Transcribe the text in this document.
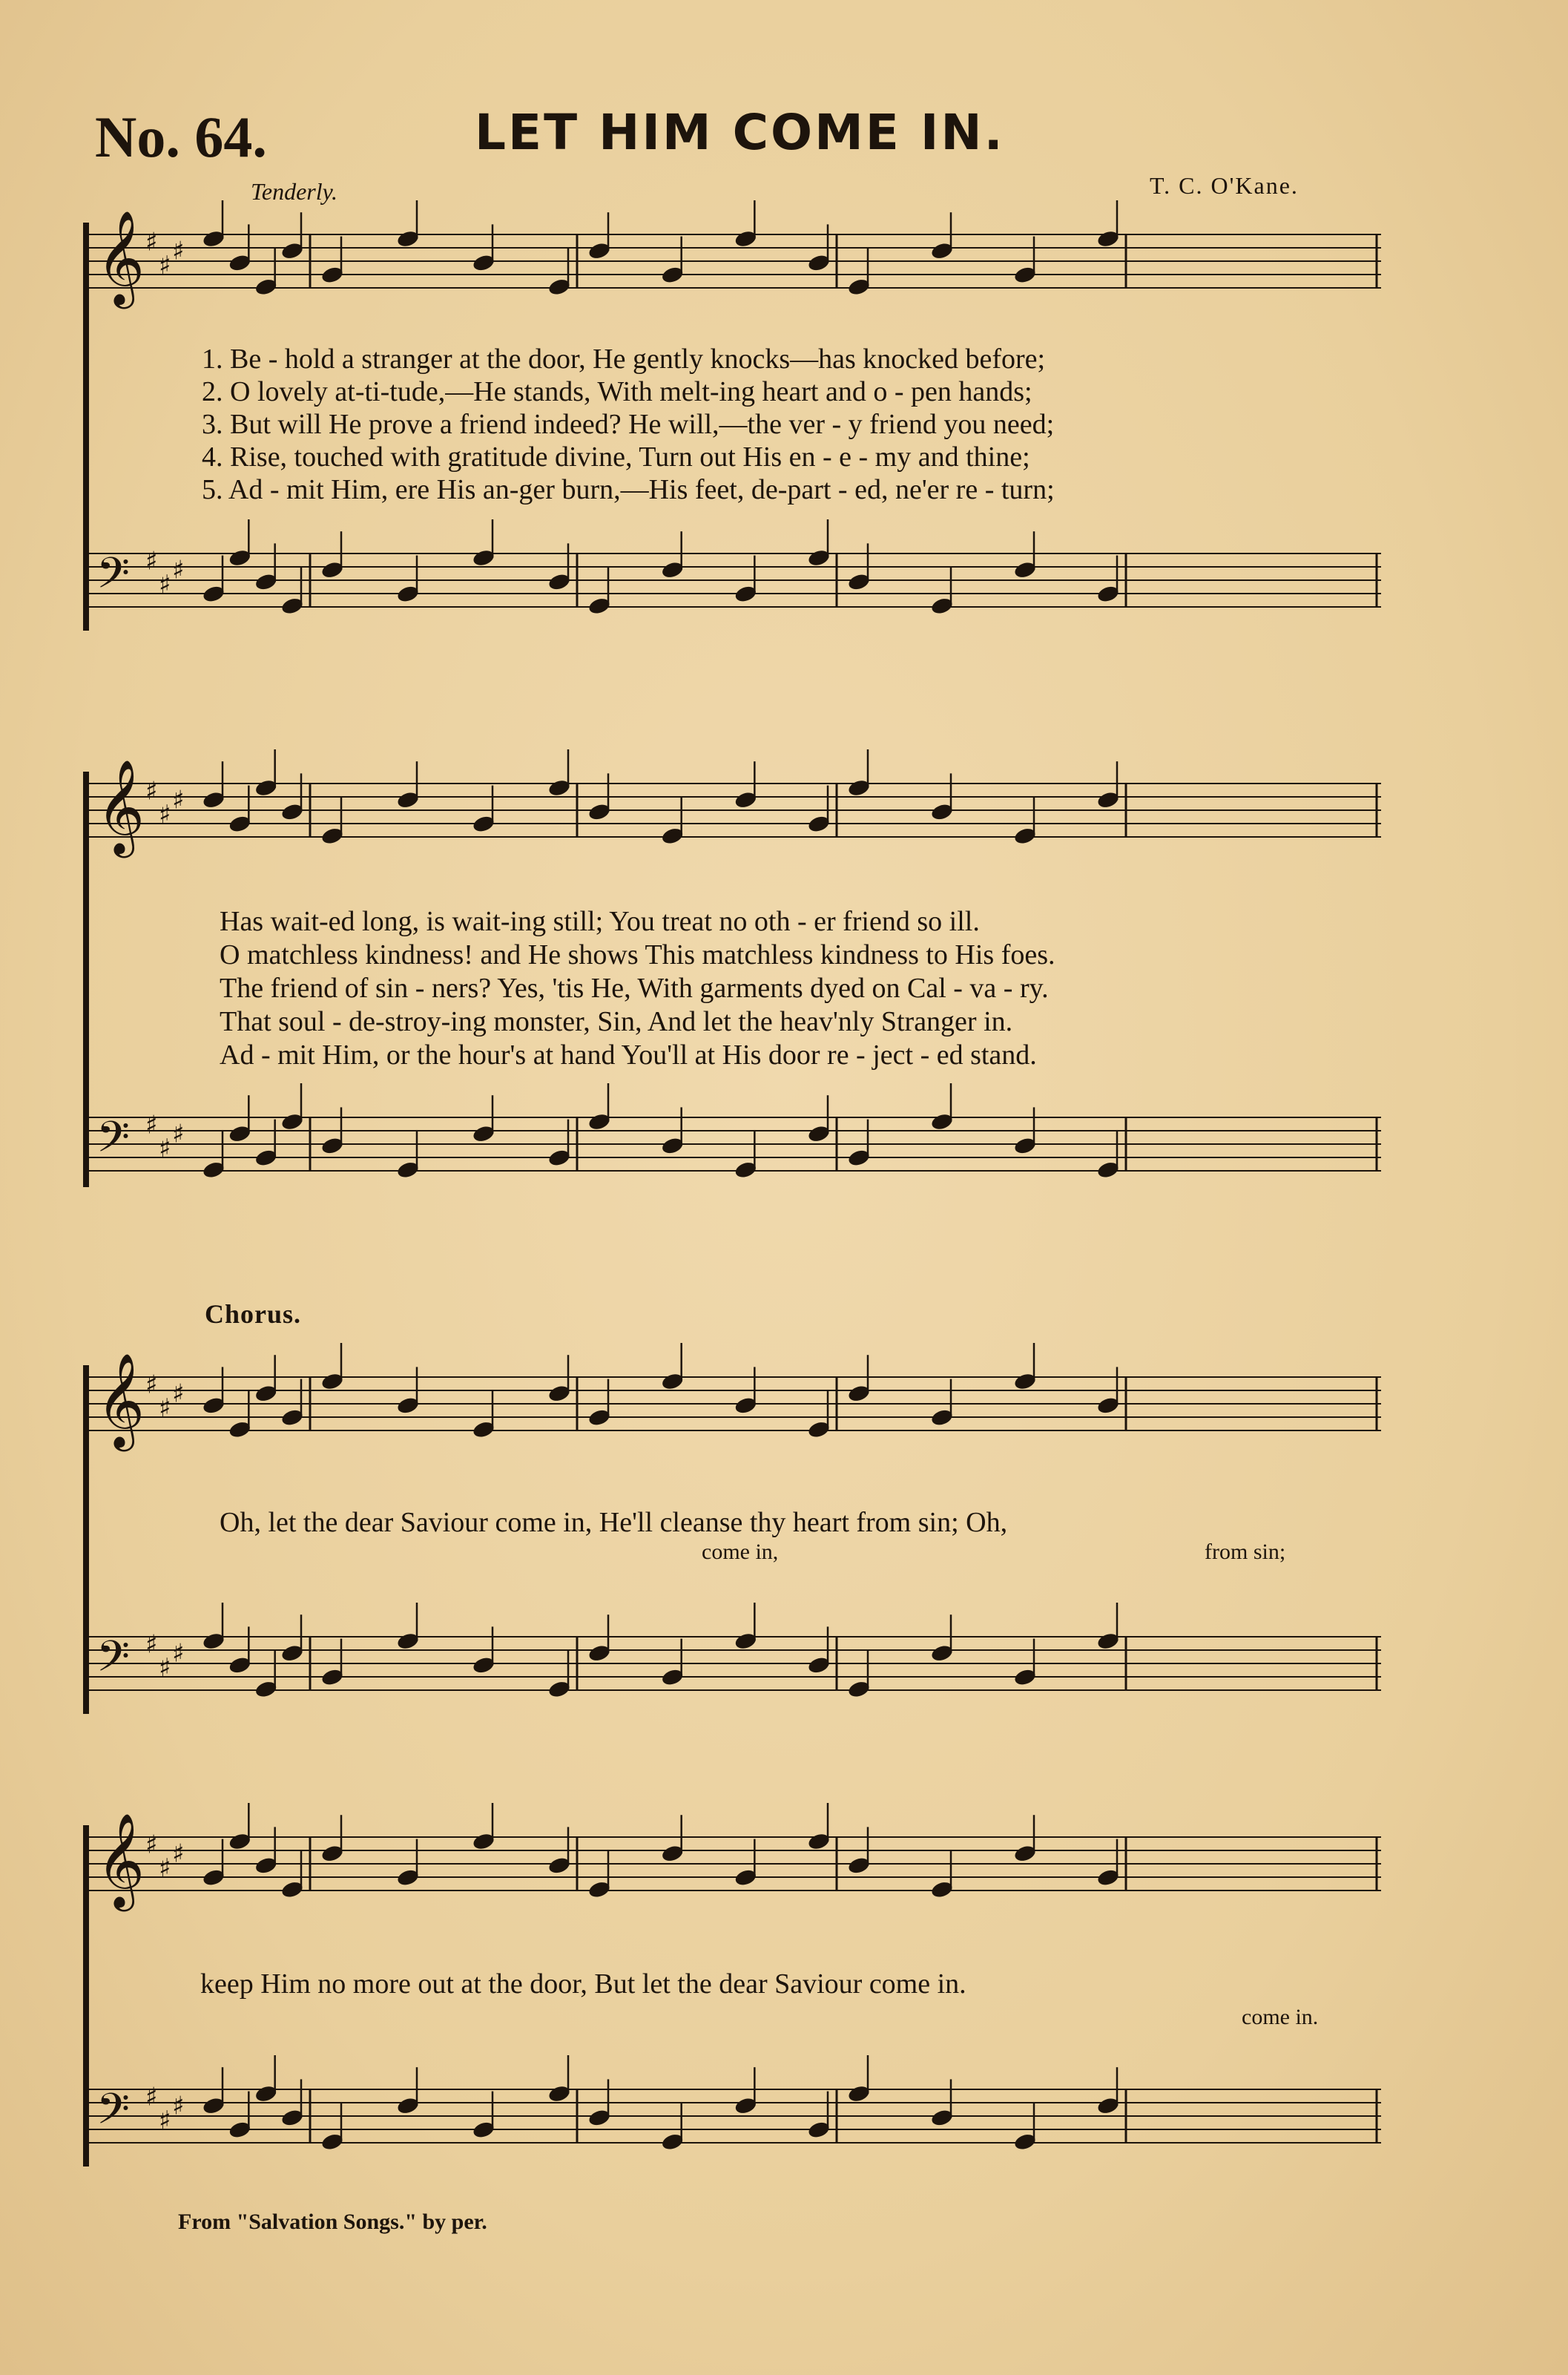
No. 64.	LET HIM COME IN.
Tenderly.	T. C. O'Kane.
𝄞 ♯
♯ ♯
1. Be - hold a stranger at the door, He gently knocks—has knocked before;
2. O lovely at-ti-tude,—He stands, With melt-ing heart and o - pen hands;
3. But will He prove a friend indeed? He will,—the ver - y friend you need;
4. Rise, touched with gratitude divine, Turn out His en - e - my and thine;
5. Ad - mit Him, ere His an-ger burn,—His feet, de-part - ed, ne'er re - turn;
𝄢 ♯
♯ ♯
𝄞 ♯
♯ ♯
Has wait-ed long, is wait-ing still; You treat no oth - er friend so ill.
O matchless kindness! and He shows This matchless kindness to His foes.
The friend of sin - ners? Yes, 'tis He, With garments dyed on Cal - va - ry.
That soul - de-stroy-ing monster, Sin, And let the heav'nly Stranger in.
Ad - mit Him, or the hour's at hand You'll at His door re - ject - ed stand.
𝄢 ♯
♯ ♯
Chorus.
𝄞 ♯
♯ ♯
Oh, let the dear Saviour come in, He'll cleanse thy heart from sin; Oh,
come in,	from sin;
𝄢 ♯
♯ ♯
𝄞 ♯
♯ ♯
keep Him no more out at the door, But let the dear Saviour come in.
come in.
𝄢 ♯
♯ ♯
From "Salvation Songs." by per.
